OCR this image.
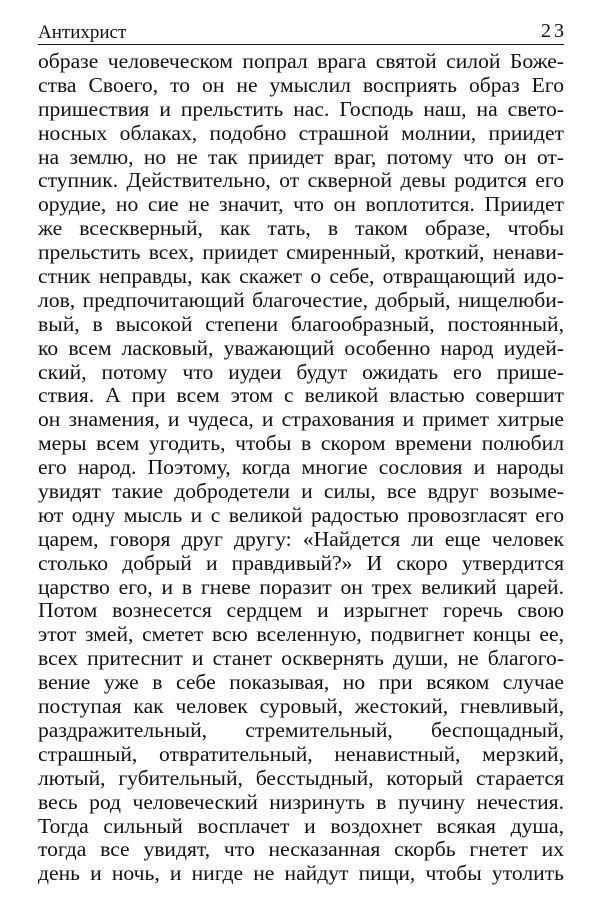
Антихрист	23
образе человеческом попрал врага святой силой Боже-
ства Своего, то он не умыслил восприять образ Его
пришествия и прельстить нас. Господь наш, на свето-
носных облаках, подобно страшной молнии, приидет
на землю, но не так приидет враг, потому что он от-
ступник. Действительно, от скверной девы родится его
орудие, но сие не значит, что он воплотится. Приидет
же всескверный, как тать, в таком образе, чтобы
прельстить всех, приидет смиренный, кроткий, ненави-
стник неправды, как скажет о себе, отвращающий идо-
лов, предпочитающий благочестие, добрый, нищелюби-
вый, в высокой степени благообразный, постоянный,
ко всем ласковый, уважающий особенно народ иудей-
ский, потому что иудеи будут ожидать его прише-
ствия. А при всем этом с великой властью совершит
он знамения, и чудеса, и страхования и примет хитрые
меры всем угодить, чтобы в скором времени полюбил
его народ. Поэтому, когда многие сословия и народы
увидят такие добродетели и силы, все вдруг возыме-
ют одну мысль и с великой радостью провозгласят его
царем, говоря друг другу: «Найдется ли еще человек
столько добрый и правдивый?» И скоро утвердится
царство его, и в гневе поразит он трех великий царей.
Потом вознесется сердцем и изрыгнет горечь свою
этот змей, сметет всю вселенную, подвигнет концы ее,
всех притеснит и станет осквернять души, не благого-
вение уже в себе показывая, но при всяком случае
поступая как человек суровый, жестокий, гневливый,
раздражительный, стремительный, беспощадный,
страшный, отвратительный, ненавистный, мерзкий,
лютый, губительный, бесстыдный, который старается
весь род человеческий низринуть в пучину нечестия.
Тогда сильный восплачет и воздохнет всякая душа,
тогда все увидят, что несказанная скорбь гнетет их
день и ночь, и нигде не найдут пищи, чтобы утолить
